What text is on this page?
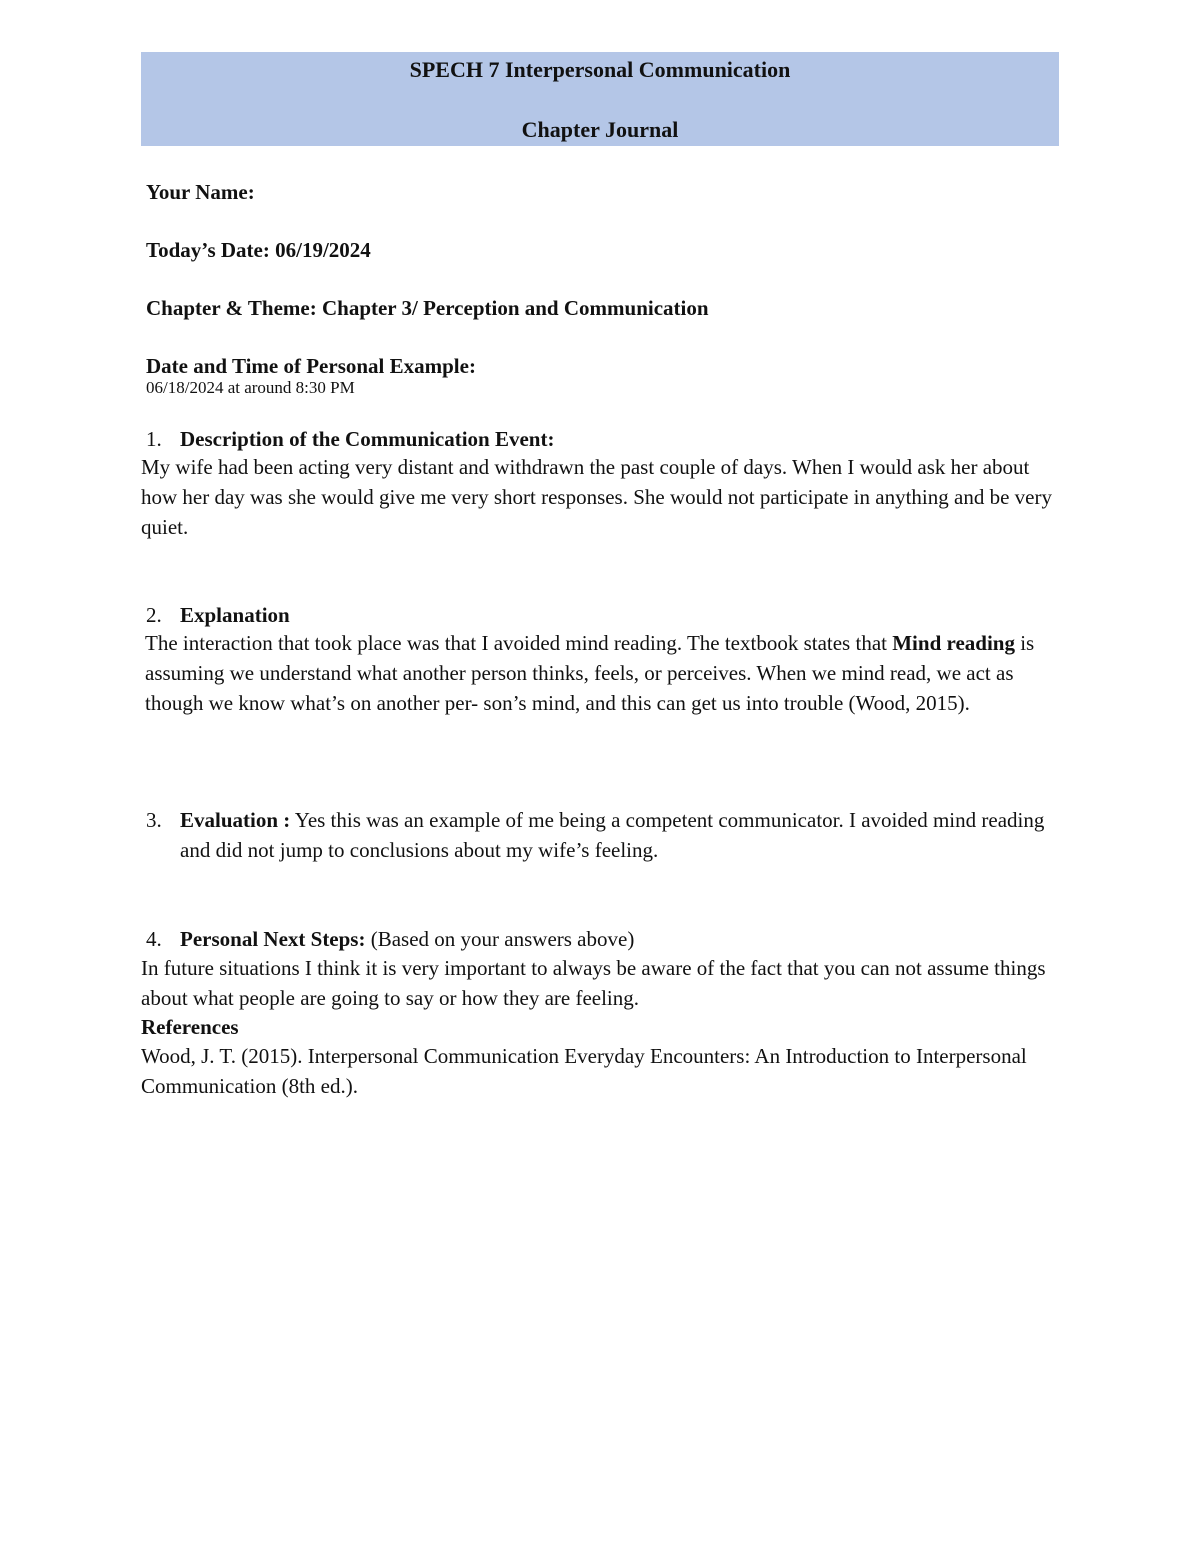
SPECH 7 Interpersonal Communication
Chapter Journal
Your Name:
Today’s Date: 06/19/2024
Chapter & Theme: Chapter 3/ Perception and Communication
Date and Time of Personal Example:
06/18/2024 at around 8:30 PM
1. Description of the Communication Event:

My wife had been acting very distant and withdrawn the past couple of days. When I would ask her about how her day was she would give me very short responses. She would not participate in anything and be very quiet.

2. Explanation

The interaction that took place was that I avoided mind reading. The textbook states that Mind reading is assuming we understand what another person thinks, feels, or perceives. When we mind read, we act as though we know what’s on another per- son’s mind, and this can get us into trouble (Wood, 2015).

3. Evaluation : Yes this was an example of me being a competent communicator. I avoided mind reading and did not jump to conclusions about my wife’s feeling.

4. Personal Next Steps: (Based on your answers above)

In future situations I think it is very important to always be aware of the fact that you can not assume things about what people are going to say or how they are feeling.

References

Wood, J. T. (2015). Interpersonal Communication Everyday Encounters: An Introduction to Interpersonal Communication (8th ed.).
